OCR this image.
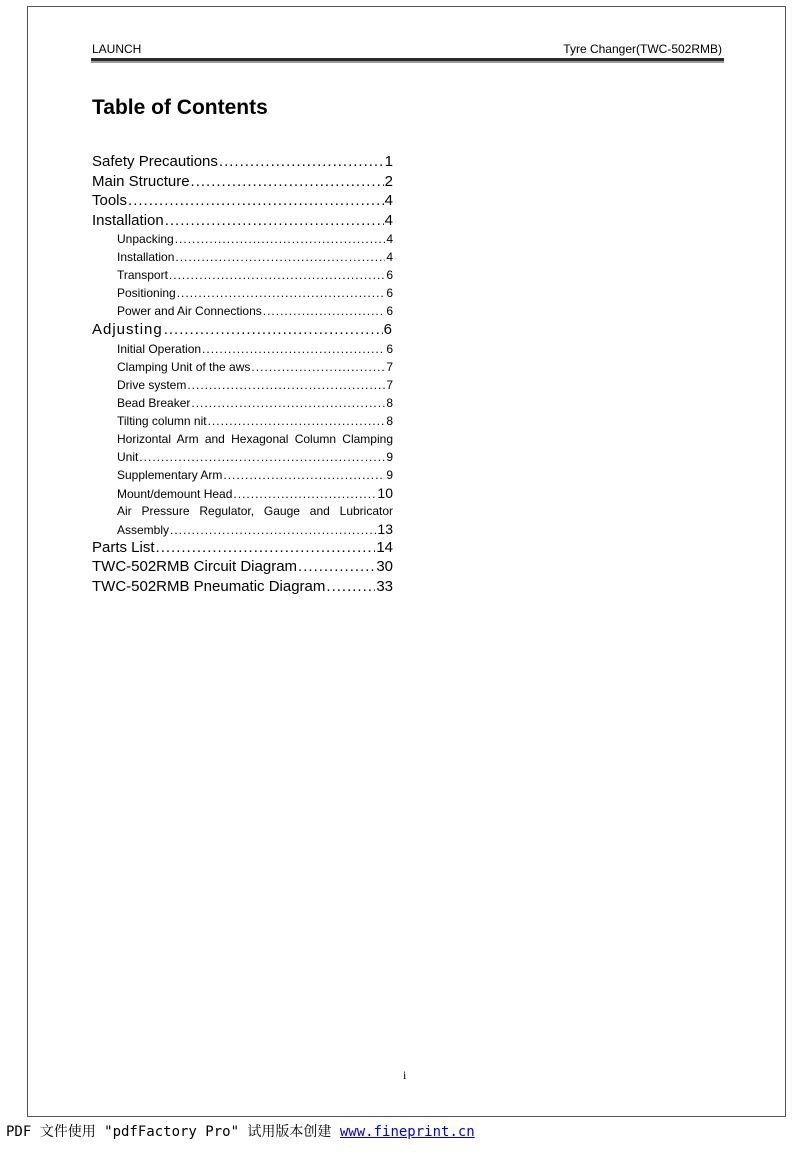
LAUNCH	Tyre Changer(TWC-502RMB)
Table of Contents
Safety Precautions .....	1
Main Structure .....	2
Tools .....	4
Installation .....	4
Unpacking .....	4
Installation .....	4
Transport .....	6
Positioning .....	6
Power and Air Connections .....	6
Adjusting .....	6
Initial Operation .....	6
Clamping Unit of the aws .....	7
Drive system .....	7
Bead Breaker .....	8
Tilting column nit .....	8
Horizontal Arm and Hexagonal Column Clamping
Unit .....	9
Supplementary Arm .....	9
Mount/demount Head .....	10
Air Pressure Regulator, Gauge and Lubricator
Assembly .....	13
Parts List .....	14
TWC-502RMB Circuit Diagram .....	30
TWC-502RMB Pneumatic Diagram .....	33
i
PDF 文件使用 "pdfFactory Pro" 试用版本创建 www.fineprint.cn
